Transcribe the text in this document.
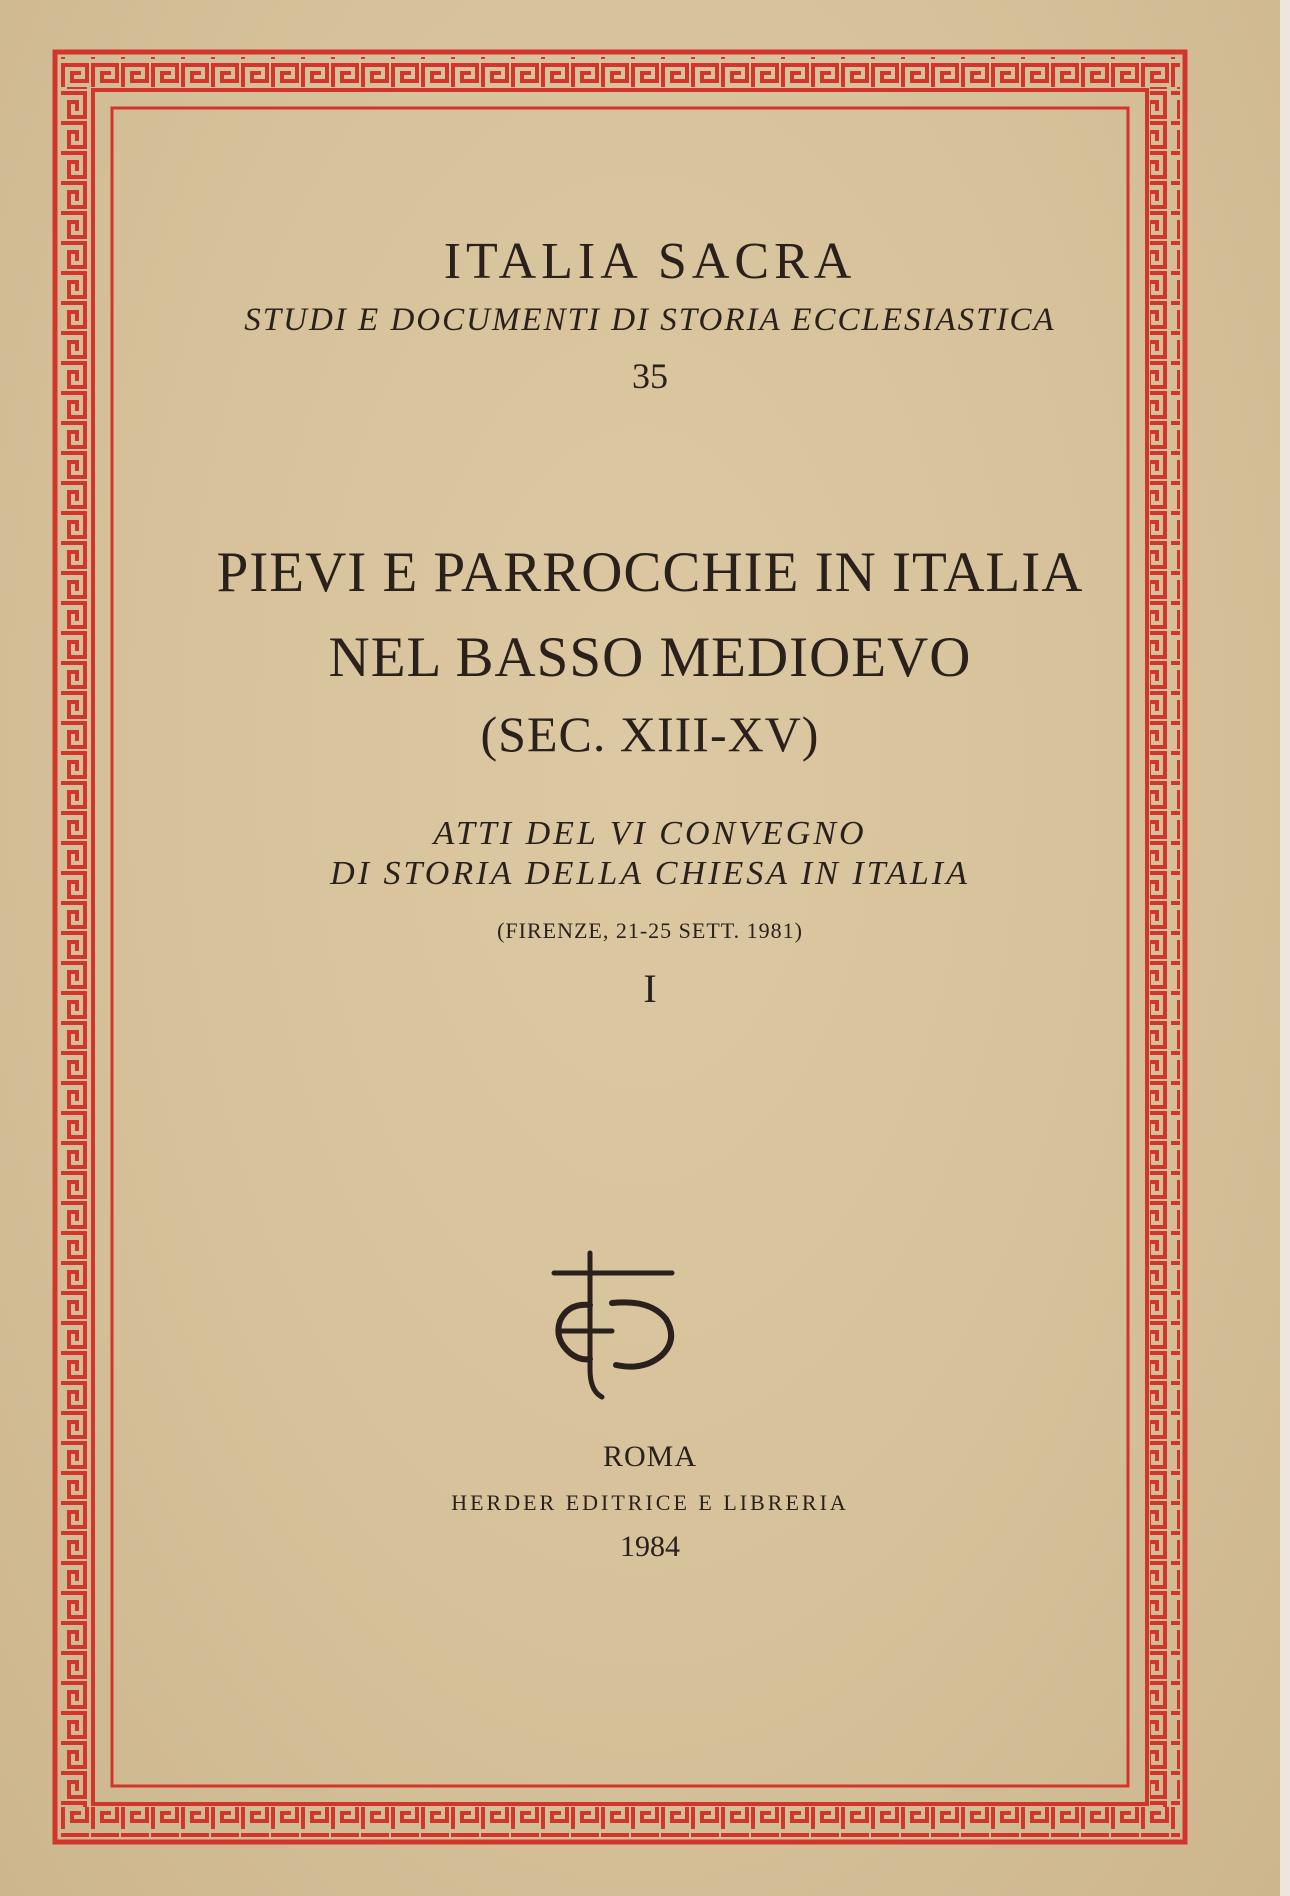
ITALIA SACRA
STUDI E DOCUMENTI DI STORIA ECCLESIASTICA
35
PIEVI E PARROCCHIE IN ITALIA
NEL BASSO MEDIOEVO
(SEC. XIII-XV)
ATTI DEL VI CONVEGNO
DI STORIA DELLA CHIESA IN ITALIA
(FIRENZE, 21-25 SETT. 1981)
I
ROMA
HERDER EDITRICE E LIBRERIA
1984
